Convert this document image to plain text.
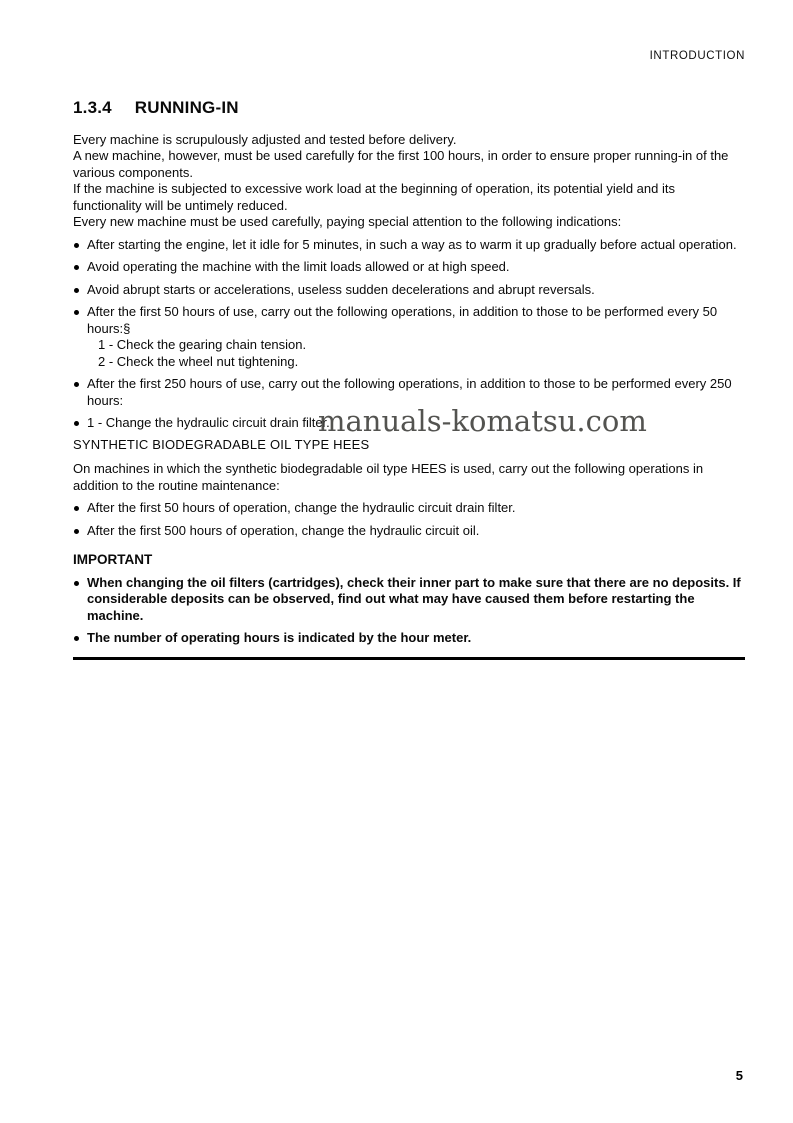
INTRODUCTION
1.3.4 RUNNING-IN

Every machine is scrupulously adjusted and tested before delivery.

A new machine, however, must be used carefully for the first 100 hours, in order to ensure proper running-in of the various components.

If the machine is subjected to excessive work load at the beginning of operation, its potential yield and its functionality will be untimely reduced.

Every new machine must be used carefully, paying special attention to the following indications:

After starting the engine, let it idle for 5 minutes, in such a way as to warm it up gradually before actual operation.
Avoid operating the machine with the limit loads allowed or at high speed.
Avoid abrupt starts or accelerations, useless sudden decelerations and abrupt reversals.
After the first 50 hours of use, carry out the following operations, in addition to those to be performed every 50 hours:§
1 - Check the gearing chain tension.
2 - Check the wheel nut tightening.
After the first 250 hours of use, carry out the following operations, in addition to those to be performed every 250 hours:
1 - Change the hydraulic circuit drain filter.
SYNTHETIC BIODEGRADABLE OIL TYPE HEES

On machines in which the synthetic biodegradable oil type HEES is used, carry out the following operations in addition to the routine maintenance:

After the first 50 hours of operation, change the hydraulic circuit drain filter.
After the first 500 hours of operation, change the hydraulic circuit oil.
IMPORTANT
When changing the oil filters (cartridges), check their inner part to make sure that there are no deposits. If considerable deposits can be observed, find out what may have caused them before restarting the machine.
The number of operating hours is indicated by the hour meter.
manuals-komatsu.com
5
